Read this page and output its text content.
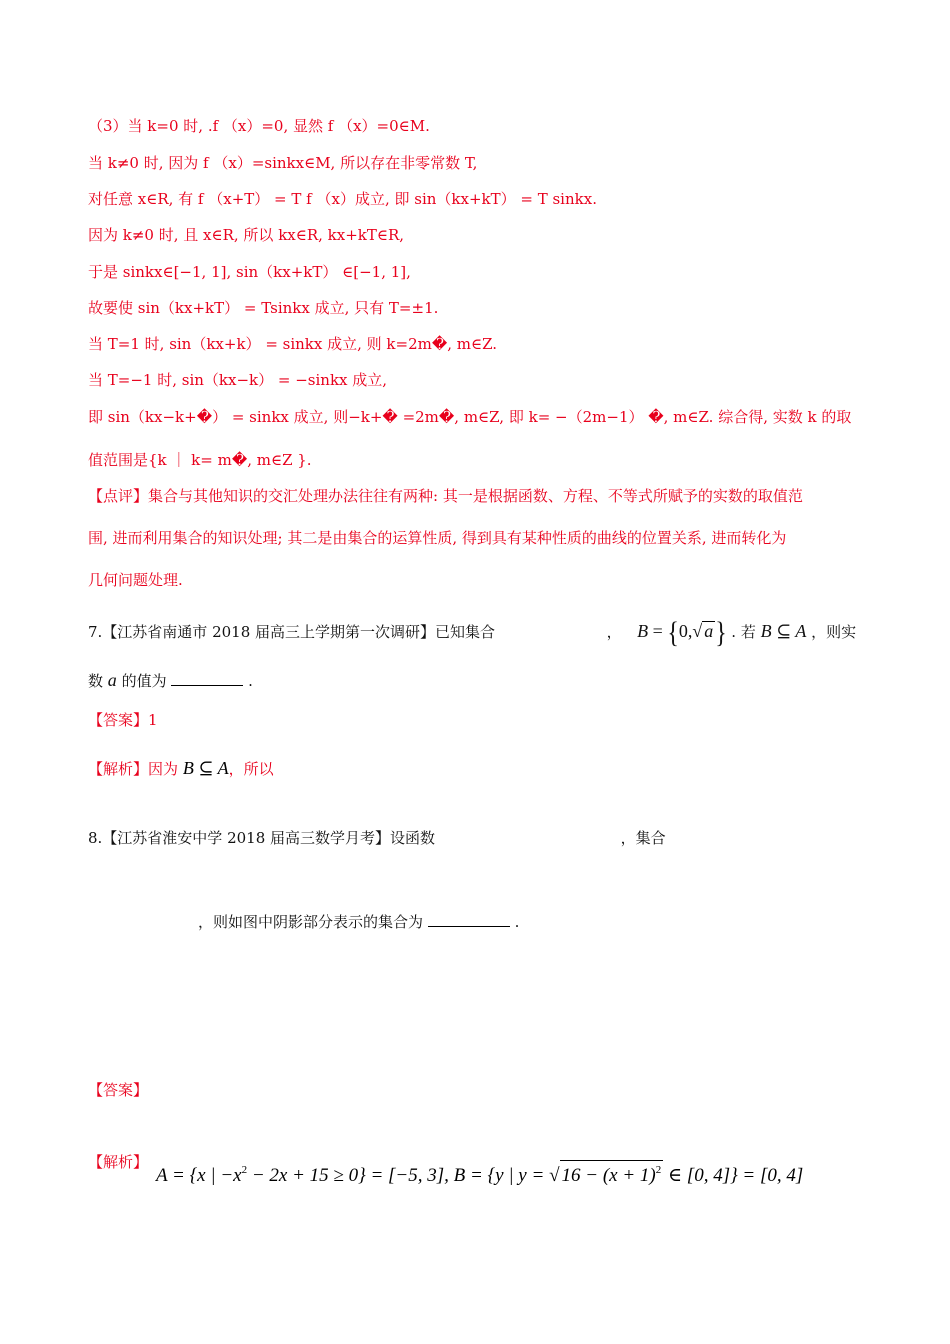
（3）当 k=0 时, .f （x）=0, 显然 f （x）=0∈M.
当 k≠0 时, 因为 f （x）=sinkx∈M, 所以存在非零常数 T,
对任意 x∈R, 有 f （x+T） = T f （x）成立, 即 sin（kx+kT） = T sinkx.
因为 k≠0 时, 且 x∈R, 所以 kx∈R, kx+kT∈R,
于是 sinkx∈[−1, 1], sin（kx+kT） ∈[−1, 1],
故要使 sin（kx+kT） = Tsinkx 成立, 只有 T=±1.
当 T=1 时, sin（kx+k） = sinkx 成立, 则 k=2m�, m∈Z.
当 T=−1 时, sin（kx−k） = −sinkx 成立,
即 sin（kx−k+�） = sinkx 成立, 则−k+� =2m�, m∈Z, 即 k= −（2m−1） �, m∈Z. 综合得, 实数 k 的取
值范围是{k ｜ k= m�, m∈Z }.
【点评】集合与其他知识的交汇处理办法往往有两种: 其一是根据函数、方程、不等式所赋予的实数的取值范
围, 进而利用集合的知识处理; 其二是由集合的运算性质, 得到具有某种性质的曲线的位置关系, 进而转化为
几何问题处理.
7.【江苏省南通市 2018 届高三上学期第一次调研】已知集合	， B = {0,√ a} . 若 B ⊆ A ，则实
数 a 的值为	.
【答案】1
【解析】因为 B ⊆ A，所以
8.【江苏省淮安中学 2018 届高三数学月考】设函数	，集合
，则如图中阴影部分表示的集合为	.
【答案】
【解析】
A = {x | $-x^2 - 2x + 15 \ge 0\} = [-5$, 3], B = {y | y = √ $16 - (x + 1)^2$ ∈ [0, 4]} = [0, 4]
